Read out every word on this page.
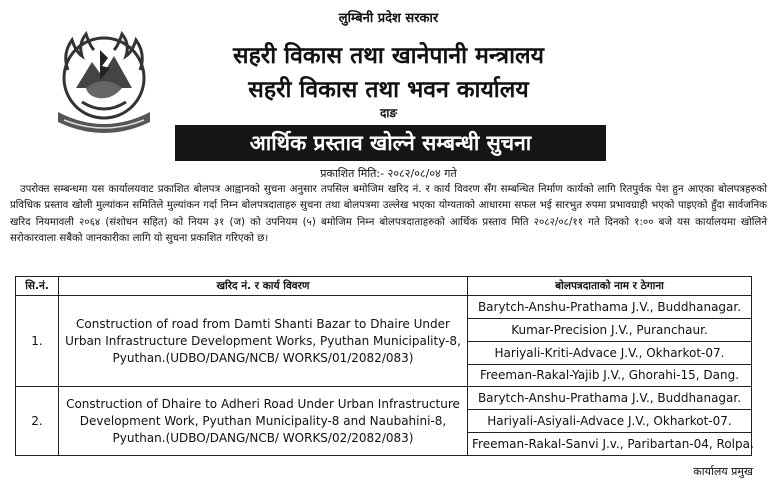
लुम्बिनी प्रदेश सरकार
सहरी विकास तथा खानेपानी मन्त्रालय
सहरी विकास तथा भवन कार्यालय
दाङ
आर्थिक प्रस्ताव खोल्ने सम्बन्धी सुचना
प्रकाशित मिति:- २०८२/०८/०४ गते

उपरोक्त सम्बन्धमा यस कार्यालयवाट प्रकाशित बोलपत्र आह्वानको सुचना अनुसार तपसिल बमोजिम खरिद नं. र कार्य विवरण सँग सम्बन्धित निर्माण कार्यको लागि रितपुर्वक पेश हुन आएका बोलपत्रहरुको प्रविधिक प्रस्ताव खोली मुल्यांकन समितिले मुल्यांकन गर्दा निम्न बोलपत्रदाताहरु सुचना तथा बोलपत्रमा उल्लेख भएका योग्यताको आधारमा सफल भई सारभुत रुपमा प्रभावग्राही भएको पाइएको हुँदा सार्वजनिक खरिद नियमावली २०६४ (संशोधन सहित) को नियम ३१ (ज) को उपनियम (५) बमोजिम निम्न बोलपत्रदाताहरुको आर्थिक प्रस्ताव मिति २०८२/०८/११ गते दिनको १:०० बजे यस कार्यालयमा खोलिने सरोकारवाला सबैको जानकारीका लागि यो सुचना प्रकाशित गरिएको छ।

सि.नं.	खरिद नं. र कार्य विवरण	बोलपत्रदाताको नाम र ठेगाना
1.	Construction of road from Damti Shanti Bazar to Dhaire Under Urban Infrastructure Development Works, Pyuthan Municipality-8, Pyuthan.(UDBO/DANG/NCB/ WORKS/01/2082/083)	Barytch-Anshu-Prathama J.V., Buddhanagar.
		Kumar-Precision J.V., Puranchaur.
		Hariyali-Kriti-Advace J.V., Okharkot-07.
		Freeman-Rakal-Yajib J.V., Ghorahi-15, Dang.
2.	Construction of Dhaire to Adheri Road Under Urban Infrastructure Development Work, Pyuthan Municipality-8 and Naubahini-8, Pyuthan.(UDBO/DANG/NCB/ WORKS/02/2082/083)	Barytch-Anshu-Prathama J.V., Buddhanagar.
		Hariyali-Asiyali-Advace J.V., Okharkot-07.
		Freeman-Rakal-Sanvi J.v., Paribartan-04, Rolpa.
कार्यालय प्रमुख
